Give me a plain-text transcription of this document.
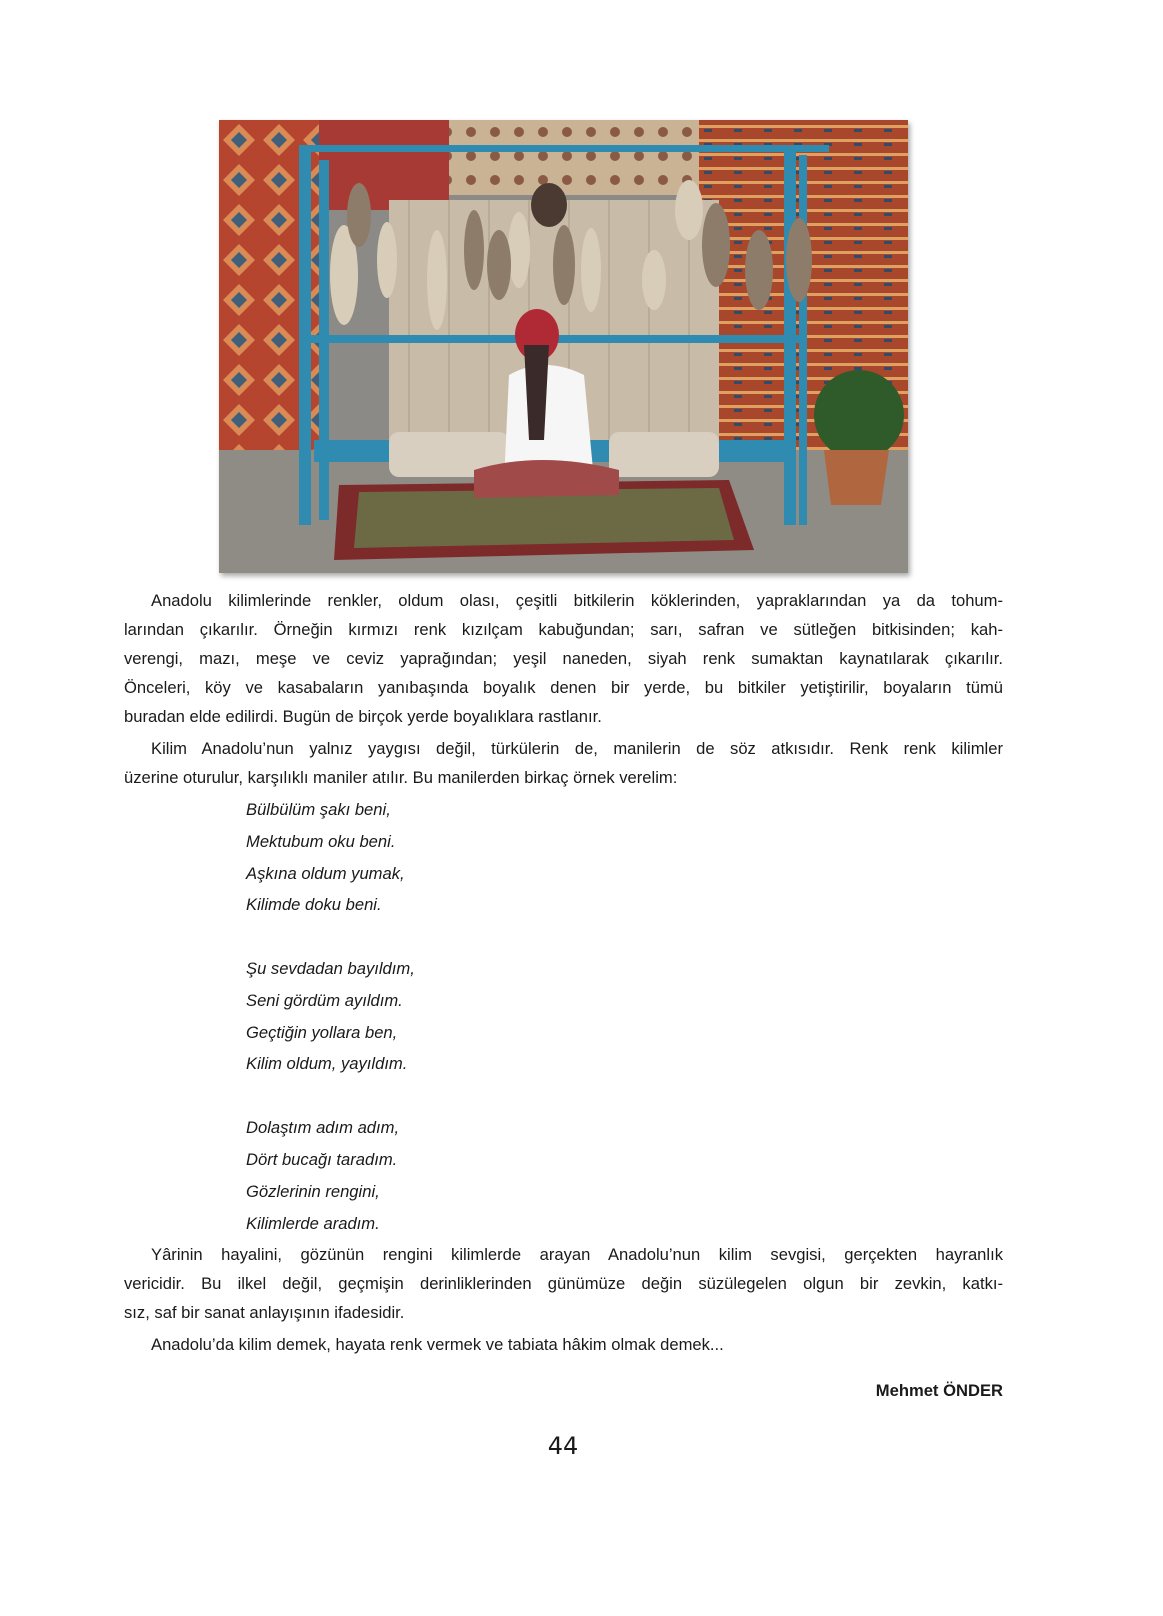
Anadolu kilimlerinde renkler, oldum olası, çeşitli bitkilerin köklerinden, yapraklarından ya da tohum-
larından çıkarılır. Örneğin kırmızı renk kızılçam kabuğundan; sarı, safran ve sütleğen bitkisinden; kah-
verengi, mazı, meşe ve ceviz yaprağından; yeşil naneden, siyah renk sumaktan kaynatılarak çıkarılır.
Önceleri, köy ve kasabaların yanıbaşında boyalık denen bir yerde, bu bitkiler yetiştirilir, boyaların tümü
buradan elde edilirdi. Bugün de birçok yerde boyalıklara rastlanır.
Kilim Anadolu’nun yalnız yaygısı değil, türkülerin de, manilerin de söz atkısıdır. Renk renk kilimler
üzerine oturulur, karşılıklı maniler atılır. Bu manilerden birkaç örnek verelim:
Bülbülüm şakı beni,
Mektubum oku beni.
Aşkına oldum yumak,
Kilimde doku beni.
Şu sevdadan bayıldım,
Seni gördüm ayıldım.
Geçtiğin yollara ben,
Kilim oldum, yayıldım.
Dolaştım adım adım,
Dört bucağı taradım.
Gözlerinin rengini,
Kilimlerde aradım.
Yârinin hayalini, gözünün rengini kilimlerde arayan Anadolu’nun kilim sevgisi, gerçekten hayranlık
vericidir. Bu ilkel değil, geçmişin derinliklerinden günümüze değin süzülegelen olgun bir zevkin, katkı-
sız, saf bir sanat anlayışının ifadesidir.
Anadolu’da kilim demek, hayata renk vermek ve tabiata hâkim olmak demek...
Mehmet ÖNDER
44
